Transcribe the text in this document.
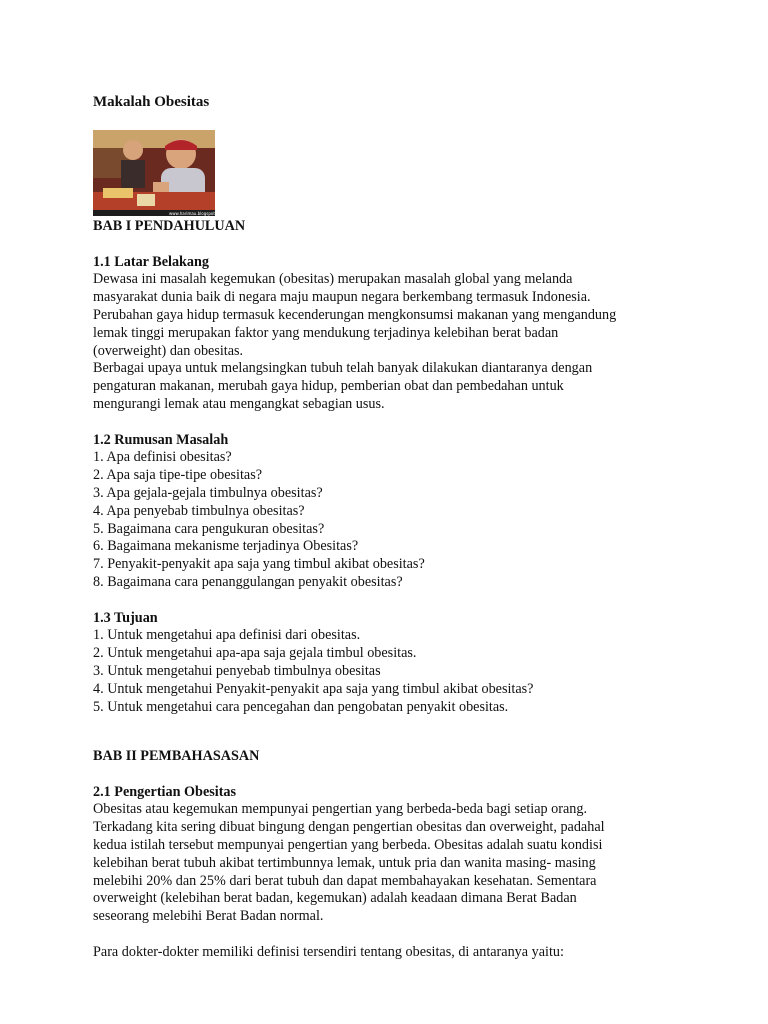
Makalah Obesitas
www.harimau.blogspot.com
BAB I PENDAHULUAN
1.1 Latar Belakang
Dewasa ini masalah kegemukan (obesitas) merupakan masalah global yang melanda
masyarakat dunia baik di negara maju maupun negara berkembang termasuk Indonesia.
Perubahan gaya hidup termasuk kecenderungan mengkonsumsi makanan yang mengandung
lemak tinggi merupakan faktor yang mendukung terjadinya kelebihan berat badan
(overweight) dan obesitas.
Berbagai upaya untuk melangsingkan tubuh telah banyak dilakukan diantaranya dengan
pengaturan makanan, merubah gaya hidup, pemberian obat dan pembedahan untuk
mengurangi lemak atau mengangkat sebagian usus.
1.2 Rumusan Masalah
1. Apa definisi obesitas?
2. Apa saja tipe-tipe obesitas?
3. Apa gejala-gejala timbulnya obesitas?
4. Apa penyebab timbulnya obesitas?
5. Bagaimana cara pengukuran obesitas?
6. Bagaimana mekanisme terjadinya Obesitas?
7. Penyakit-penyakit apa saja yang timbul akibat obesitas?
8. Bagaimana cara penanggulangan penyakit obesitas?
1.3 Tujuan
1. Untuk mengetahui apa definisi dari obesitas.
2. Untuk mengetahui apa-apa saja gejala timbul obesitas.
3. Untuk mengetahui penyebab timbulnya obesitas
4. Untuk mengetahui Penyakit-penyakit apa saja yang timbul akibat obesitas?
5. Untuk mengetahui cara pencegahan dan pengobatan penyakit obesitas.
BAB II PEMBAHASASAN
2.1 Pengertian Obesitas
Obesitas atau kegemukan mempunyai pengertian yang berbeda-beda bagi setiap orang.
Terkadang kita sering dibuat bingung dengan pengertian obesitas dan overweight, padahal
kedua istilah tersebut mempunyai pengertian yang berbeda. Obesitas adalah suatu kondisi
kelebihan berat tubuh akibat tertimbunnya lemak, untuk pria dan wanita masing- masing
melebihi 20% dan 25% dari berat tubuh dan dapat membahayakan kesehatan. Sementara
overweight (kelebihan berat badan, kegemukan) adalah keadaan dimana Berat Badan
seseorang melebihi Berat Badan normal.
Para dokter-dokter memiliki definisi tersendiri tentang obesitas, di antaranya yaitu:
